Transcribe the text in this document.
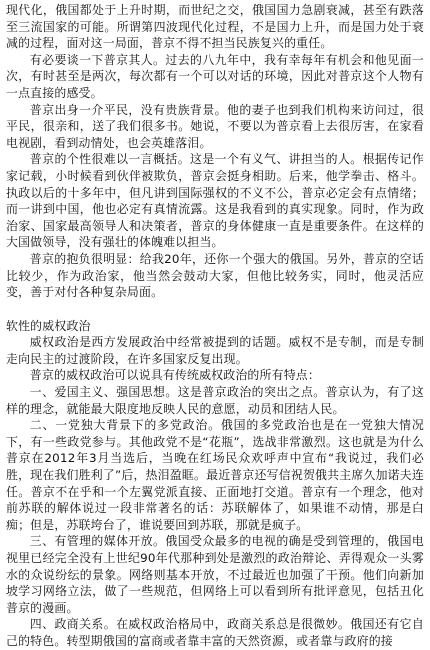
现代化，俄国都处于上升时期，而世纪之交，俄国国力急剧衰减，甚至有跌落至三流国家的可能。所谓第四波现代化过程，不是国力上升，而是国力处于衰减的过程，面对这一局面，普京不得不担当民族复兴的重任。

有必要谈一下普京其人。过去的八九年中，我有幸每年有机会和他见面一次，有时甚至是两次，每次都有一个可以对话的环境，因此对普京这个人物有一点直接的感受。

普京出身一介平民，没有贵族背景。他的妻子也到我们机构来访问过，很平民，很亲和，送了我们很多书。她说，不要以为普京看上去很厉害，在家看电视剧，看到动情处，也会英雄落泪。

普京的个性很难以一言概括。这是一个有义气、讲担当的人。根据传记作家记载，小时候看到伙伴被欺负，普京会挺身相助。后来，他学拳击、格斗。执政以后的十多年中，但凡讲到国际强权的不义不公，普京必定会有点情绪；而一讲到中国，他也必定有真情流露。这是我看到的真实现象。同时，作为政治家、国家最高领导人和决策者，普京的身体健康一直是重要条件。在这样的大国做领导，没有强壮的体魄难以担当。

普京的抱负很明显：给我20年，还你一个强大的俄国。另外，普京的空话比较少，作为政治家，他当然会鼓动大家，但他比较务实，同时，他灵活应变，善于对付各种复杂局面。

软性的威权政治

威权政治是西方发展政治中经常被提到的话题。威权不是专制，而是专制走向民主的过渡阶段，在许多国家反复出现。

普京的威权政治可以说具有传统威权政治的所有特点：

一、爱国主义、强国思想。这是普京政治的突出之点。普京认为，有了这样的理念，就能最大限度地反映人民的意愿，动员和团结人民。

二、一党独大背景下的多党政治。俄国的多党政治也是在一党独大情况下，有一些政党参与。其他政党不是“花瓶”，选战非常激烈。这也就是为什么普京在2012年3月当选后，当晚在红场民众欢呼声中宣布“我说过，我们必胜，现在我们胜利了”后，热泪盈眶。最近普京还写信祝贺俄共主席久加诺夫连任。普京不在乎和一个左翼党派直接、正面地打交道。普京有一个理念，他对前苏联的解体说过一段非常著名的话：苏联解体了，如果谁不动情，那是白痴；但是，苏联垮台了，谁说要回到苏联，那就是疯子。

三、有管理的媒体开放。俄国受众最多的电视的确是受到管理的，俄国电视里已经完全没有上世纪90年代那种到处是激烈的政治辩论、弄得观众一头雾水的众说纷纭的景象。网络则基本开放，不过最近也加强了干预。他们向新加坡学习网络立法，做了一些规范，但网络上可以看到所有批评意见，包括丑化普京的漫画。

四、政商关系。在威权政治格局中，政商关系总是很微妙。俄国还有它自己的特色。转型期俄国的富商或者靠丰富的天然资源，或者靠与政府的接
